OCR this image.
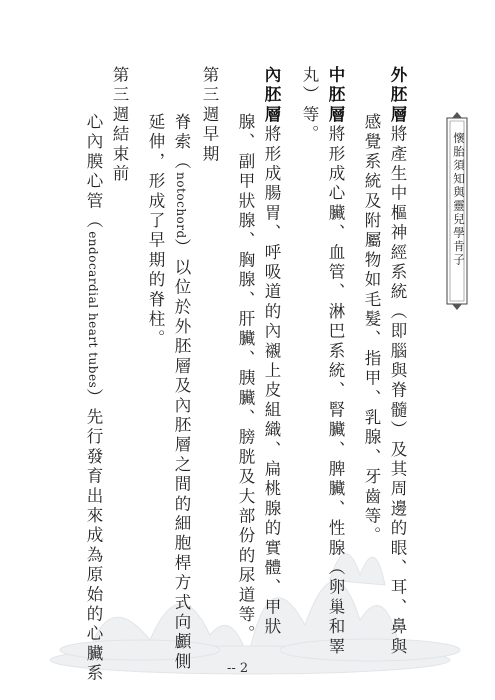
懷胎須知與靈兒學肯子
外胚層將產生中樞神經系統（即腦與脊髓）及其周邊的眼、耳、鼻與
感覺系統及附屬物如毛髮、指甲、乳腺、牙齒等。
中胚層將形成心臟、血管、淋巴系統、腎臟、脾臟、性腺（卵巢和睪
丸）等。
內胚層將形成腸胃、呼吸道的內襯上皮組織、扁桃腺的實體、甲狀
腺、副甲狀腺、胸腺、肝臟、胰臟、膀胱及大部份的尿道等。
第三週早期
脊索（notochord）以位於外胚層及內胚層之間的細胞桿方式向顱側
延伸，形成了早期的脊柱。
第三週結束前
心內膜心管（endocardial heart tubes）先行發育出來成為原始的心臟系	-- 2
